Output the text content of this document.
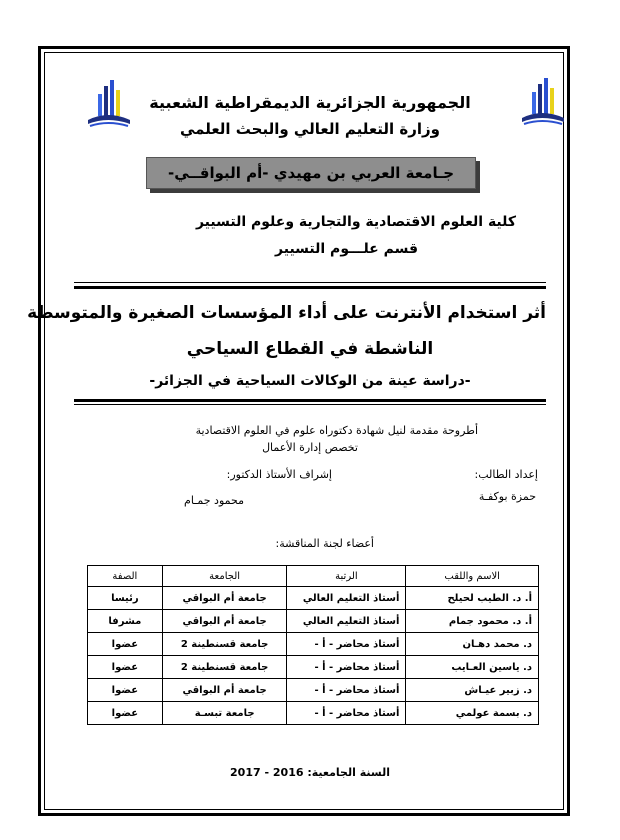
الجمهورية الجزائرية الديمقراطية الشعبية
وزارة التعليم العالي والبحث العلمي
جـامعة العربي بن مهيدي -أم البواقــي-
كلية العلوم الاقتصادية والتجارية وعلوم التسيير
قسم علـــوم التسيير
أثر استخدام الأنترنت على أداء المؤسسات الصغيرة والمتوسطة
الناشطة في القطاع السياحي
-دراسة عينة من الوكالات السياحية في الجزائر-
أطروحة مقدمة لنيل شهادة دكتوراه علوم في العلوم الاقتصادية
تخصص إدارة الأعمال
إعداد الطالب:
حمزة بوكفـة
إشراف الأستاذ الدكتور:
محمود جمـام
أعضاء لجنة المناقشة:
الاسم واللقب	الرتبة	الجامعة	الصفة
أ. د. الطيب لحيلح	أستاذ التعليم العالي	جامعة أم البواقي	رئيسا
أ. د. محمود جمام	أستاذ التعليم العالي	جامعة أم البواقي	مشرفا
د. محمد دهـان	أستاذ محاضر - أ -	جامعة قسنطينة 2	عضوا
د. ياسين العـايب	أستاذ محاضر - أ -	جامعة قسنطينة 2	عضوا
د. زبير عيـاش	أستاذ محاضر - أ -	جامعة أم البواقي	عضوا
د. بسمة عولمي	أستاذ محاضر - أ -	جامعة تبسـة	عضوا
السنة الجامعية: 2016 - 2017
